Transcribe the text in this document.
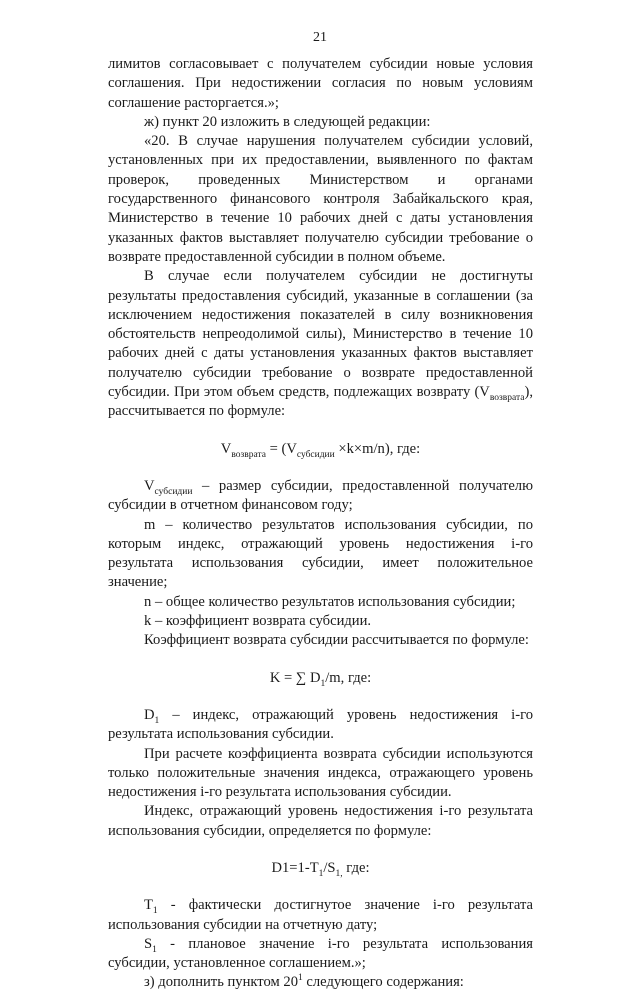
21

лимитов согласовывает с получателем субсидии новые условия соглашения. При недостижении согласия по новым условиям соглашение расторгается.»;

ж) пункт 20 изложить в следующей редакции:

«20. В случае нарушения получателем субсидии условий, установленных при их предоставлении, выявленного по фактам проверок, проведенных Министерством и органами государственного финансового контроля Забайкальского края, Министерство в течение 10 рабочих дней с даты установления указанных фактов выставляет получателю субсидии требование о возврате предоставленной субсидии в полном объеме.

В случае если получателем субсидии не достигнуты результаты предоставления субсидий, указанные в соглашении (за исключением недостижения показателей в силу возникновения обстоятельств непреодолимой силы), Министерство в течение 10 рабочих дней с даты установления указанных фактов выставляет получателю субсидии требование о возврате предоставленной субсидии. При этом объем средств, подлежащих возврату $(V_{возврата})$, рассчитывается по формуле:

$V_{возврата} = (V_{субсидии} \times k\times m/n)$, где:

$V_{субсидии}$ – размер субсидии, предоставленной получателю субсидии в отчетном финансовом году;

m – количество результатов использования субсидии, по которым индекс, отражающий уровень недостижения i-го результата использования субсидии, имеет положительное значение;

n – общее количество результатов использования субсидии;

k – коэффициент возврата субсидии.

Коэффициент возврата субсидии рассчитывается по формуле:

K = ∑ $D_1/m$, где:

$D_1$ – индекс, отражающий уровень недостижения i-го результата использования субсидии.

При расчете коэффициента возврата субсидии используются только положительные значения индекса, отражающего уровень недостижения i-го результата использования субсидии.

Индекс, отражающий уровень недостижения i-го результата использования субсидии, определяется по формуле:

$D1=1-T_1/S_{1,}$ где:

$T_1$ - фактически достигнутое значение i-го результата использования субсидии на отчетную дату;

$S_1$ - плановое значение i-го результата использования субсидии, установленное соглашением.»;

з) дополнить пунктом $20^1$ следующего содержания:
